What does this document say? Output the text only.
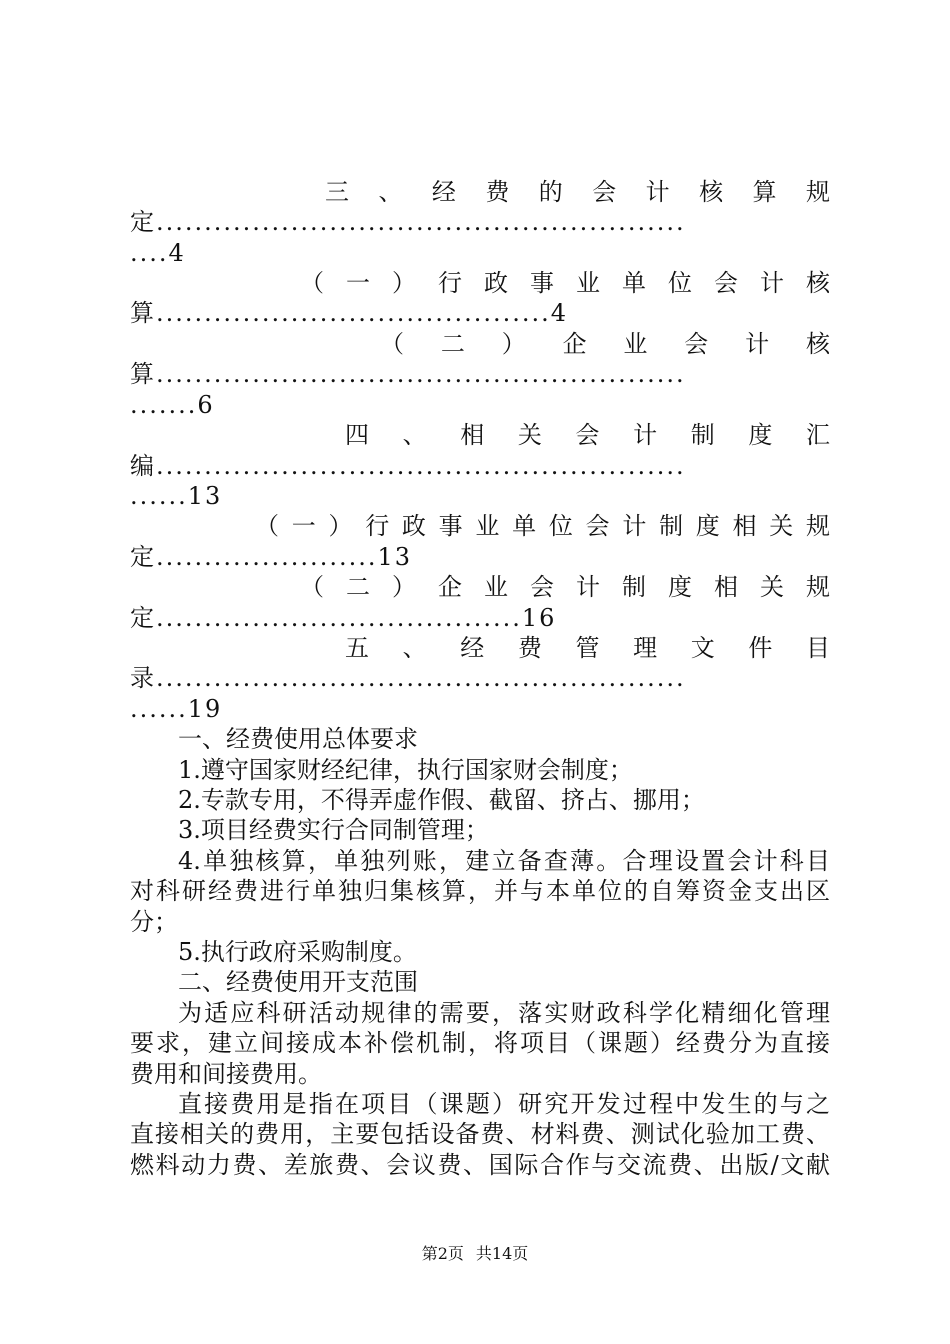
三、经费的会计核算规
定.......................................................
....4
（一）行政事业单位会计核
算.........................................4
（二）企业会计核
算.......................................................
.......6
四、相关会计制度汇
编.......................................................
......13
（一）行政事业单位会计制度相关规
定.......................13
（二）企业会计制度相关规
定......................................16
五、经费管理文件目
录.......................................................
......19
一、经费使用总体要求
1.遵守国家财经纪律，执行国家财会制度；
2.专款专用，不得弄虚作假、截留、挤占、挪用；
3.项目经费实行合同制管理；
4.单独核算，单独列账，建立备查薄。合理设置会计科目
对科研经费进行单独归集核算，并与本单位的自筹资金支出区
分；
5.执行政府采购制度。
二、经费使用开支范围
为适应科研活动规律的需要，落实财政科学化精细化管理
要求，建立间接成本补偿机制，将项目（课题）经费分为直接
费用和间接费用。
直接费用是指在项目（课题）研究开发过程中发生的与之
直接相关的费用，主要包括设备费、材料费、测试化验加工费、
燃料动力费、差旅费、会议费、国际合作与交流费、出版/文献
第2页 共14页
